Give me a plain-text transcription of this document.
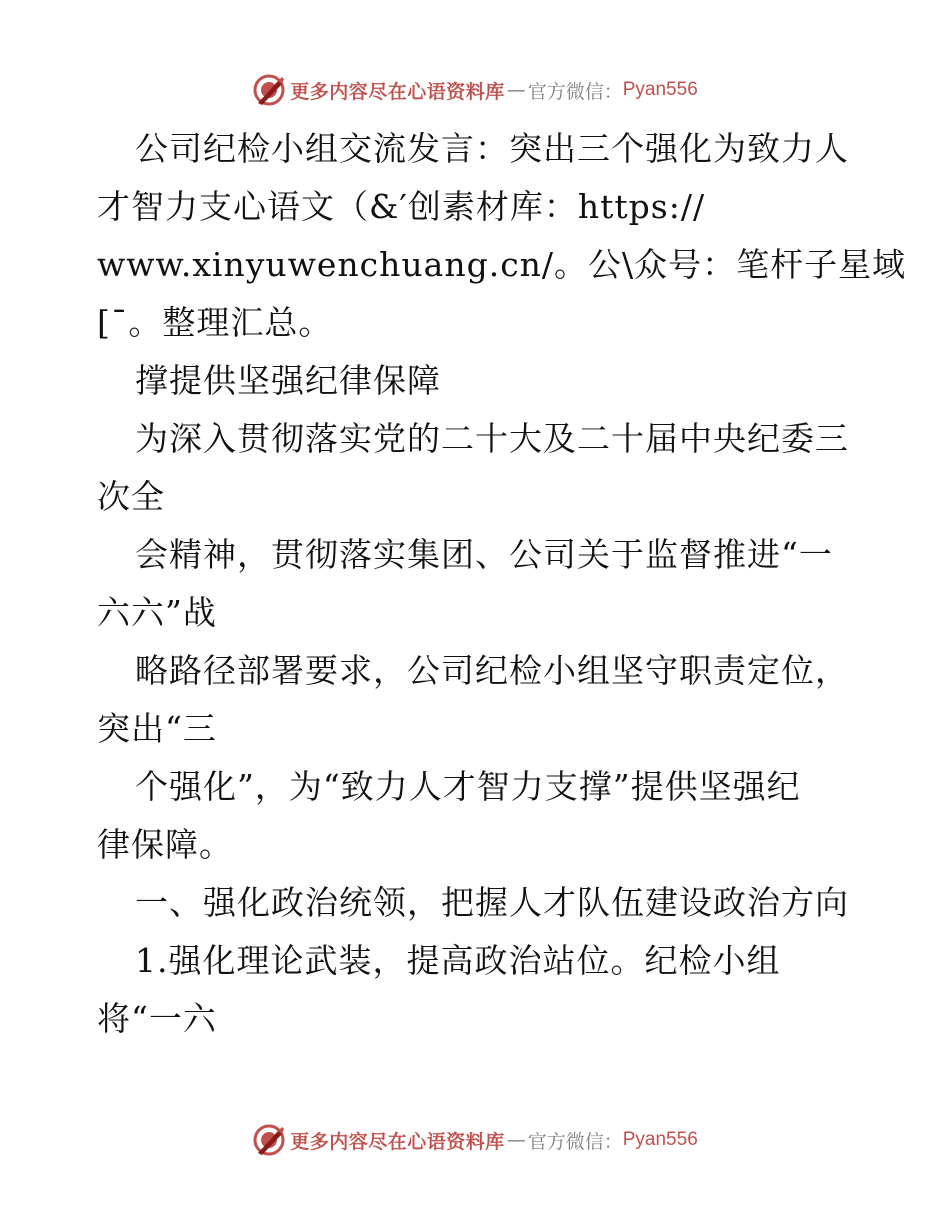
更多内容尽在心语资料库 — 官方微信： Pyan556
公司纪检小组交流发言：突出三个强化为致力人
才智力支心语文（&′创素材库：https://
www.xinyuwenchuang.cn/。公\众号：笔杆子星域
[¯。整理汇总。
撑提供坚强纪律保障
为深入贯彻落实党的二十大及二十届中央纪委三
次全
会精神，贯彻落实集团、公司关于监督推进“一
六六”战
略路径部署要求，公司纪检小组坚守职责定位，
突出“三
个强化”，为“致力人才智力支撑”提供坚强纪
律保障。
一、强化政治统领，把握人才队伍建设政治方向
1.强化理论武装，提高政治站位。纪检小组
将“一六
更多内容尽在心语资料库 — 官方微信： Pyan556
